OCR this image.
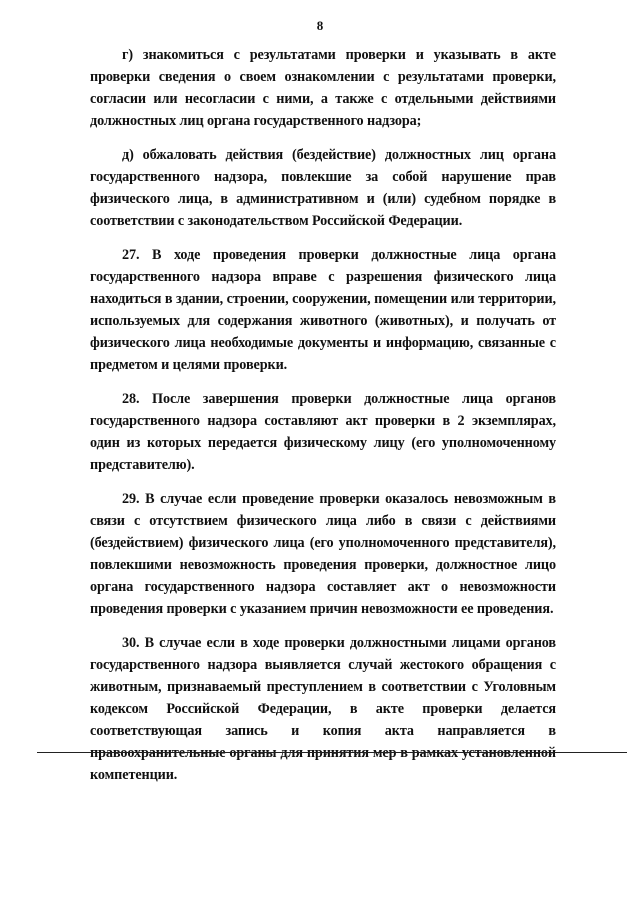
8

г) знакомиться с результатами проверки и указывать в акте проверки сведения о своем ознакомлении с результатами проверки, согласии или несогласии с ними, а также с отдельными действиями должностных лиц органа государственного надзора;

д) обжаловать действия (бездействие) должностных лиц органа государственного надзора, повлекшие за собой нарушение прав физического лица, в административном и (или) судебном порядке в соответствии с законодательством Российской Федерации.

27. В ходе проведения проверки должностные лица органа государственного надзора вправе с разрешения физического лица находиться в здании, строении, сооружении, помещении или территории, используемых для содержания животного (животных), и получать от физического лица необходимые документы и информацию, связанные с предметом и целями проверки.

28. После завершения проверки должностные лица органов государственного надзора составляют акт проверки в 2 экземплярах, один из которых передается физическому лицу (его уполномоченному представителю).

29. В случае если проведение проверки оказалось невозможным в связи с отсутствием физического лица либо в связи с действиями (бездействием) физического лица (его уполномоченного представителя), повлекшими невозможность проведения проверки, должностное лицо органа государственного надзора составляет акт о невозможности проведения проверки с указанием причин невозможности ее проведения.

30. В случае если в ходе проверки должностными лицами органов государственного надзора выявляется случай жестокого обращения с животным, признаваемый преступлением в соответствии с Уголовным кодексом Российской Федерации, в акте проверки делается соответствующая запись и копия акта направляется в правоохранительные органы для принятия мер в рамках установленной компетенции.
